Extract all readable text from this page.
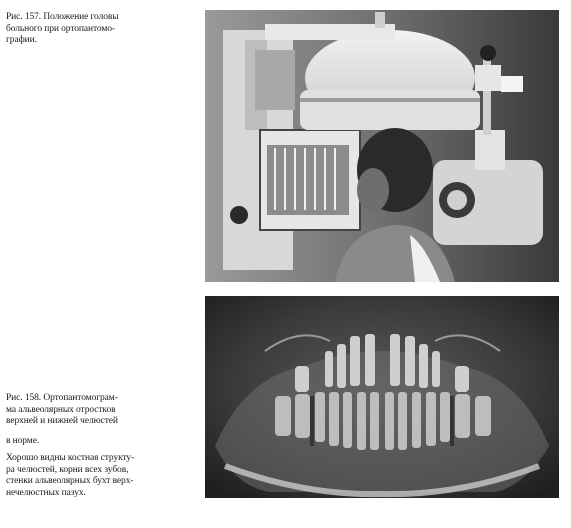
Рис. 157. Положение головы
больного при ортопантомо-
графии.
Рис. 158. Ортопантомограм-
ма альвеолярных отростков
верхней и нижней челюстей
в норме.
Хорошо видны костная структу-
ра челюстей, корни всех зубов,
стенки альвеолярных бухт верх-
нечелюстных пазух.
